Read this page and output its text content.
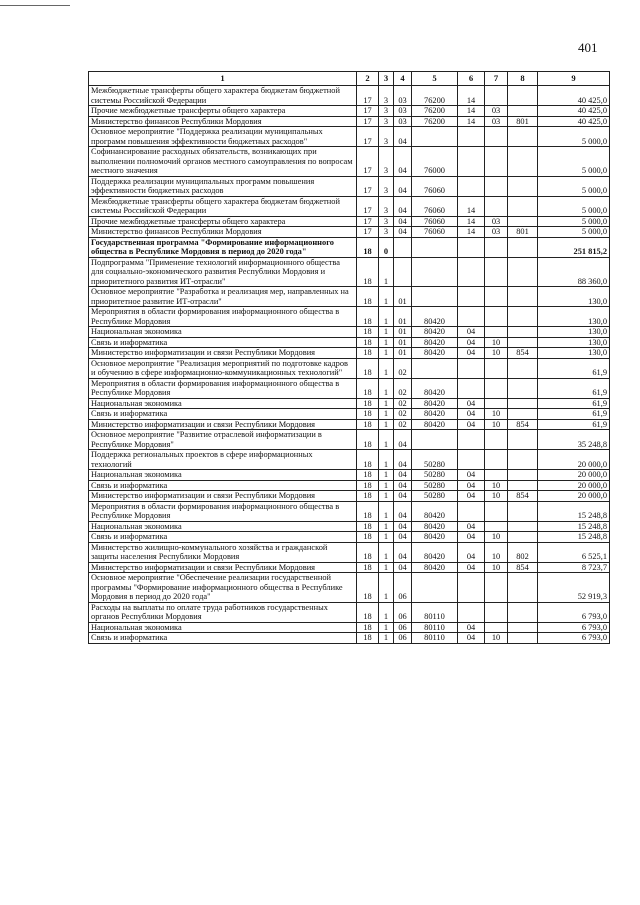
401
1	2	3	4	5	6	7	8	9
Межбюджетные трансферты общего характера бюджетам бюджетной системы Российской Федерации	17	3	03	76200	14			40 425,0
Прочие межбюджетные трансферты общего характера	17	3	03	76200	14	03		40 425,0
Министерство финансов Республики Мордовия	17	3	03	76200	14	03	801	40 425,0
Основное мероприятие "Поддержка реализации муниципальных программ повышения эффективности бюджетных расходов"	17	3	04					5 000,0
Софинансирование расходных обязательств, возникающих при выполнении полномочий органов местного самоуправления по вопросам местного значения	17	3	04	76000				5 000,0
Поддержка реализации муниципальных программ повышения эффективности бюджетных расходов	17	3	04	76060				5 000,0
Межбюджетные трансферты общего характера бюджетам бюджетной системы Российской Федерации	17	3	04	76060	14			5 000,0
Прочие межбюджетные трансферты общего характера	17	3	04	76060	14	03		5 000,0
Министерство финансов Республики Мордовия	17	3	04	76060	14	03	801	5 000,0
Государственная программа "Формирование информационного общества в Республике Мордовия в период до 2020 года"	18	0						251 815,2
Подпрограмма "Применение технологий информационного общества для социально-экономического развития Республики Мордовия и приоритетного развития ИТ-отрасли"	18	1						88 360,0
Основное мероприятие "Разработка и реализация мер, направленных на приоритетное развитие ИТ-отрасли"	18	1	01					130,0
Мероприятия в области формирования информационного общества в Республике Мордовия	18	1	01	80420				130,0
Национальная экономика	18	1	01	80420	04			130,0
Связь и информатика	18	1	01	80420	04	10		130,0
Министерство информатизации и связи Республики Мордовия	18	1	01	80420	04	10	854	130,0
Основное мероприятие "Реализация мероприятий по подготовке кадров и обучению в сфере информационно-коммуникационных технологий"	18	1	02					61,9
Мероприятия в области формирования информационного общества в Республике Мордовия	18	1	02	80420				61,9
Национальная экономика	18	1	02	80420	04			61,9
Связь и информатика	18	1	02	80420	04	10		61,9
Министерство информатизации и связи Республики Мордовия	18	1	02	80420	04	10	854	61,9
Основное мероприятие "Развитие отраслевой информатизации в Республике Мордовия"	18	1	04					35 248,8
Поддержка региональных проектов в сфере информационных технологий	18	1	04	50280				20 000,0
Национальная экономика	18	1	04	50280	04			20 000,0
Связь и информатика	18	1	04	50280	04	10		20 000,0
Министерство информатизации и связи Республики Мордовия	18	1	04	50280	04	10	854	20 000,0
Мероприятия в области формирования информационного общества в Республике Мордовия	18	1	04	80420				15 248,8
Национальная экономика	18	1	04	80420	04			15 248,8
Связь и информатика	18	1	04	80420	04	10		15 248,8
Министерство жилищно-коммунального хозяйства и гражданской защиты населения Республики Мордовия	18	1	04	80420	04	10	802	6 525,1
Министерство информатизации и связи Республики Мордовия	18	1	04	80420	04	10	854	8 723,7
Основное мероприятие "Обеспечение реализации государственной программы "Формирование информационного общества в Республике Мордовия в период до 2020 года"	18	1	06					52 919,3
Расходы на выплаты по оплате труда работников государственных органов Республики Мордовия	18	1	06	80110				6 793,0
Национальная экономика	18	1	06	80110	04			6 793,0
Связь и информатика	18	1	06	80110	04	10		6 793,0
